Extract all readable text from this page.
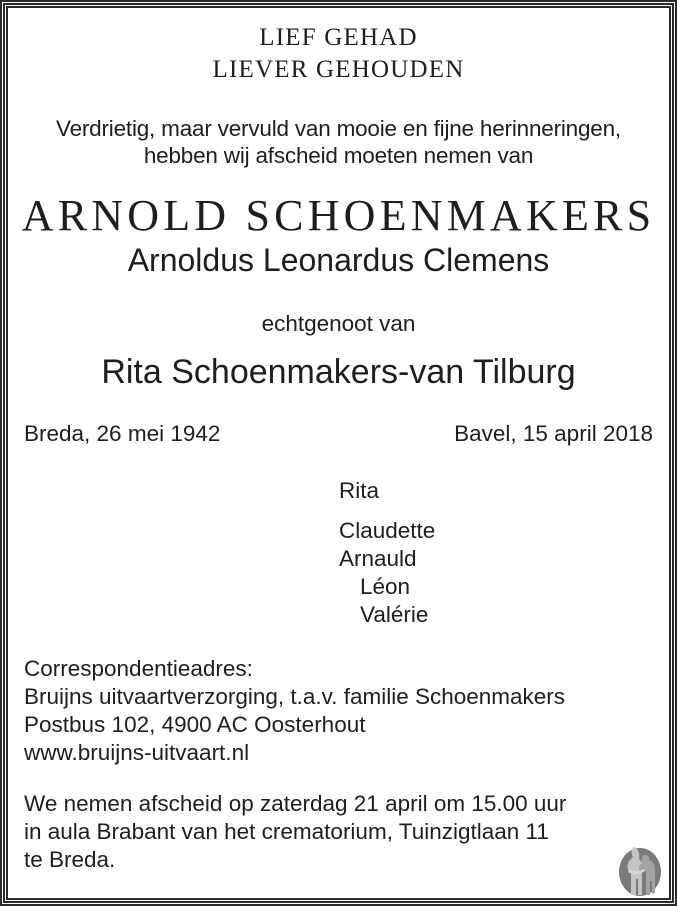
LIEF GEHAD
LIEVER GEHOUDEN
Verdrietig, maar vervuld van mooie en fijne herinneringen,
hebben wij afscheid moeten nemen van
ARNOLD SCHOENMAKERS
Arnoldus Leonardus Clemens
echtgenoot van
Rita Schoenmakers-van Tilburg
Breda, 26 mei 1942	Bavel, 15 april 2018
Rita
Claudette
Arnauld
Léon
Valérie
Correspondentieadres:
Bruijns uitvaartverzorging, t.a.v. familie Schoenmakers
Postbus 102, 4900 AC Oosterhout
www.bruijns-uitvaart.nl
We nemen afscheid op zaterdag 21 april om 15.00 uur
in aula Brabant van het crematorium, Tuinzigtlaan 11
te Breda.
